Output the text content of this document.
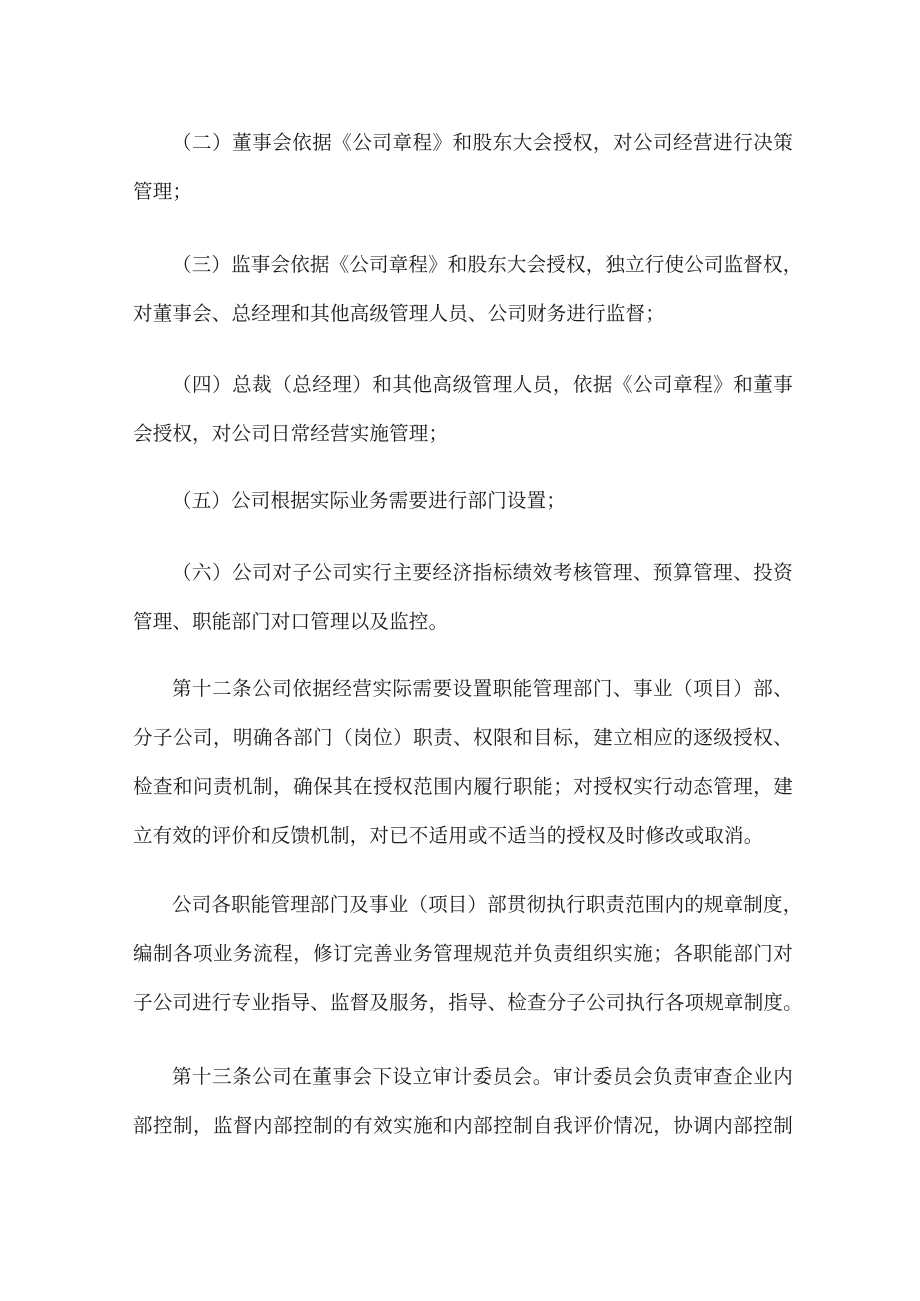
（二）董事会依据《公司章程》和股东大会授权，对公司经营进行决策
管理；

（三）监事会依据《公司章程》和股东大会授权，独立行使公司监督权，
对董事会、总经理和其他高级管理人员、公司财务进行监督；

（四）总裁（总经理）和其他高级管理人员，依据《公司章程》和董事
会授权，对公司日常经营实施管理；

（五）公司根据实际业务需要进行部门设置；

（六）公司对子公司实行主要经济指标绩效考核管理、预算管理、投资
管理、职能部门对口管理以及监控。

第十二条公司依据经营实际需要设置职能管理部门、事业（项目）部、
分子公司，明确各部门（岗位）职责、权限和目标，建立相应的逐级授权、
检查和问责机制，确保其在授权范围内履行职能；对授权实行动态管理，建
立有效的评价和反馈机制，对已不适用或不适当的授权及时修改或取消。

公司各职能管理部门及事业（项目）部贯彻执行职责范围内的规章制度，
编制各项业务流程，修订完善业务管理规范并负责组织实施；各职能部门对
子公司进行专业指导、监督及服务，指导、检查分子公司执行各项规章制度。

第十三条公司在董事会下设立审计委员会。审计委员会负责审查企业内
部控制，监督内部控制的有效实施和内部控制自我评价情况，协调内部控制
